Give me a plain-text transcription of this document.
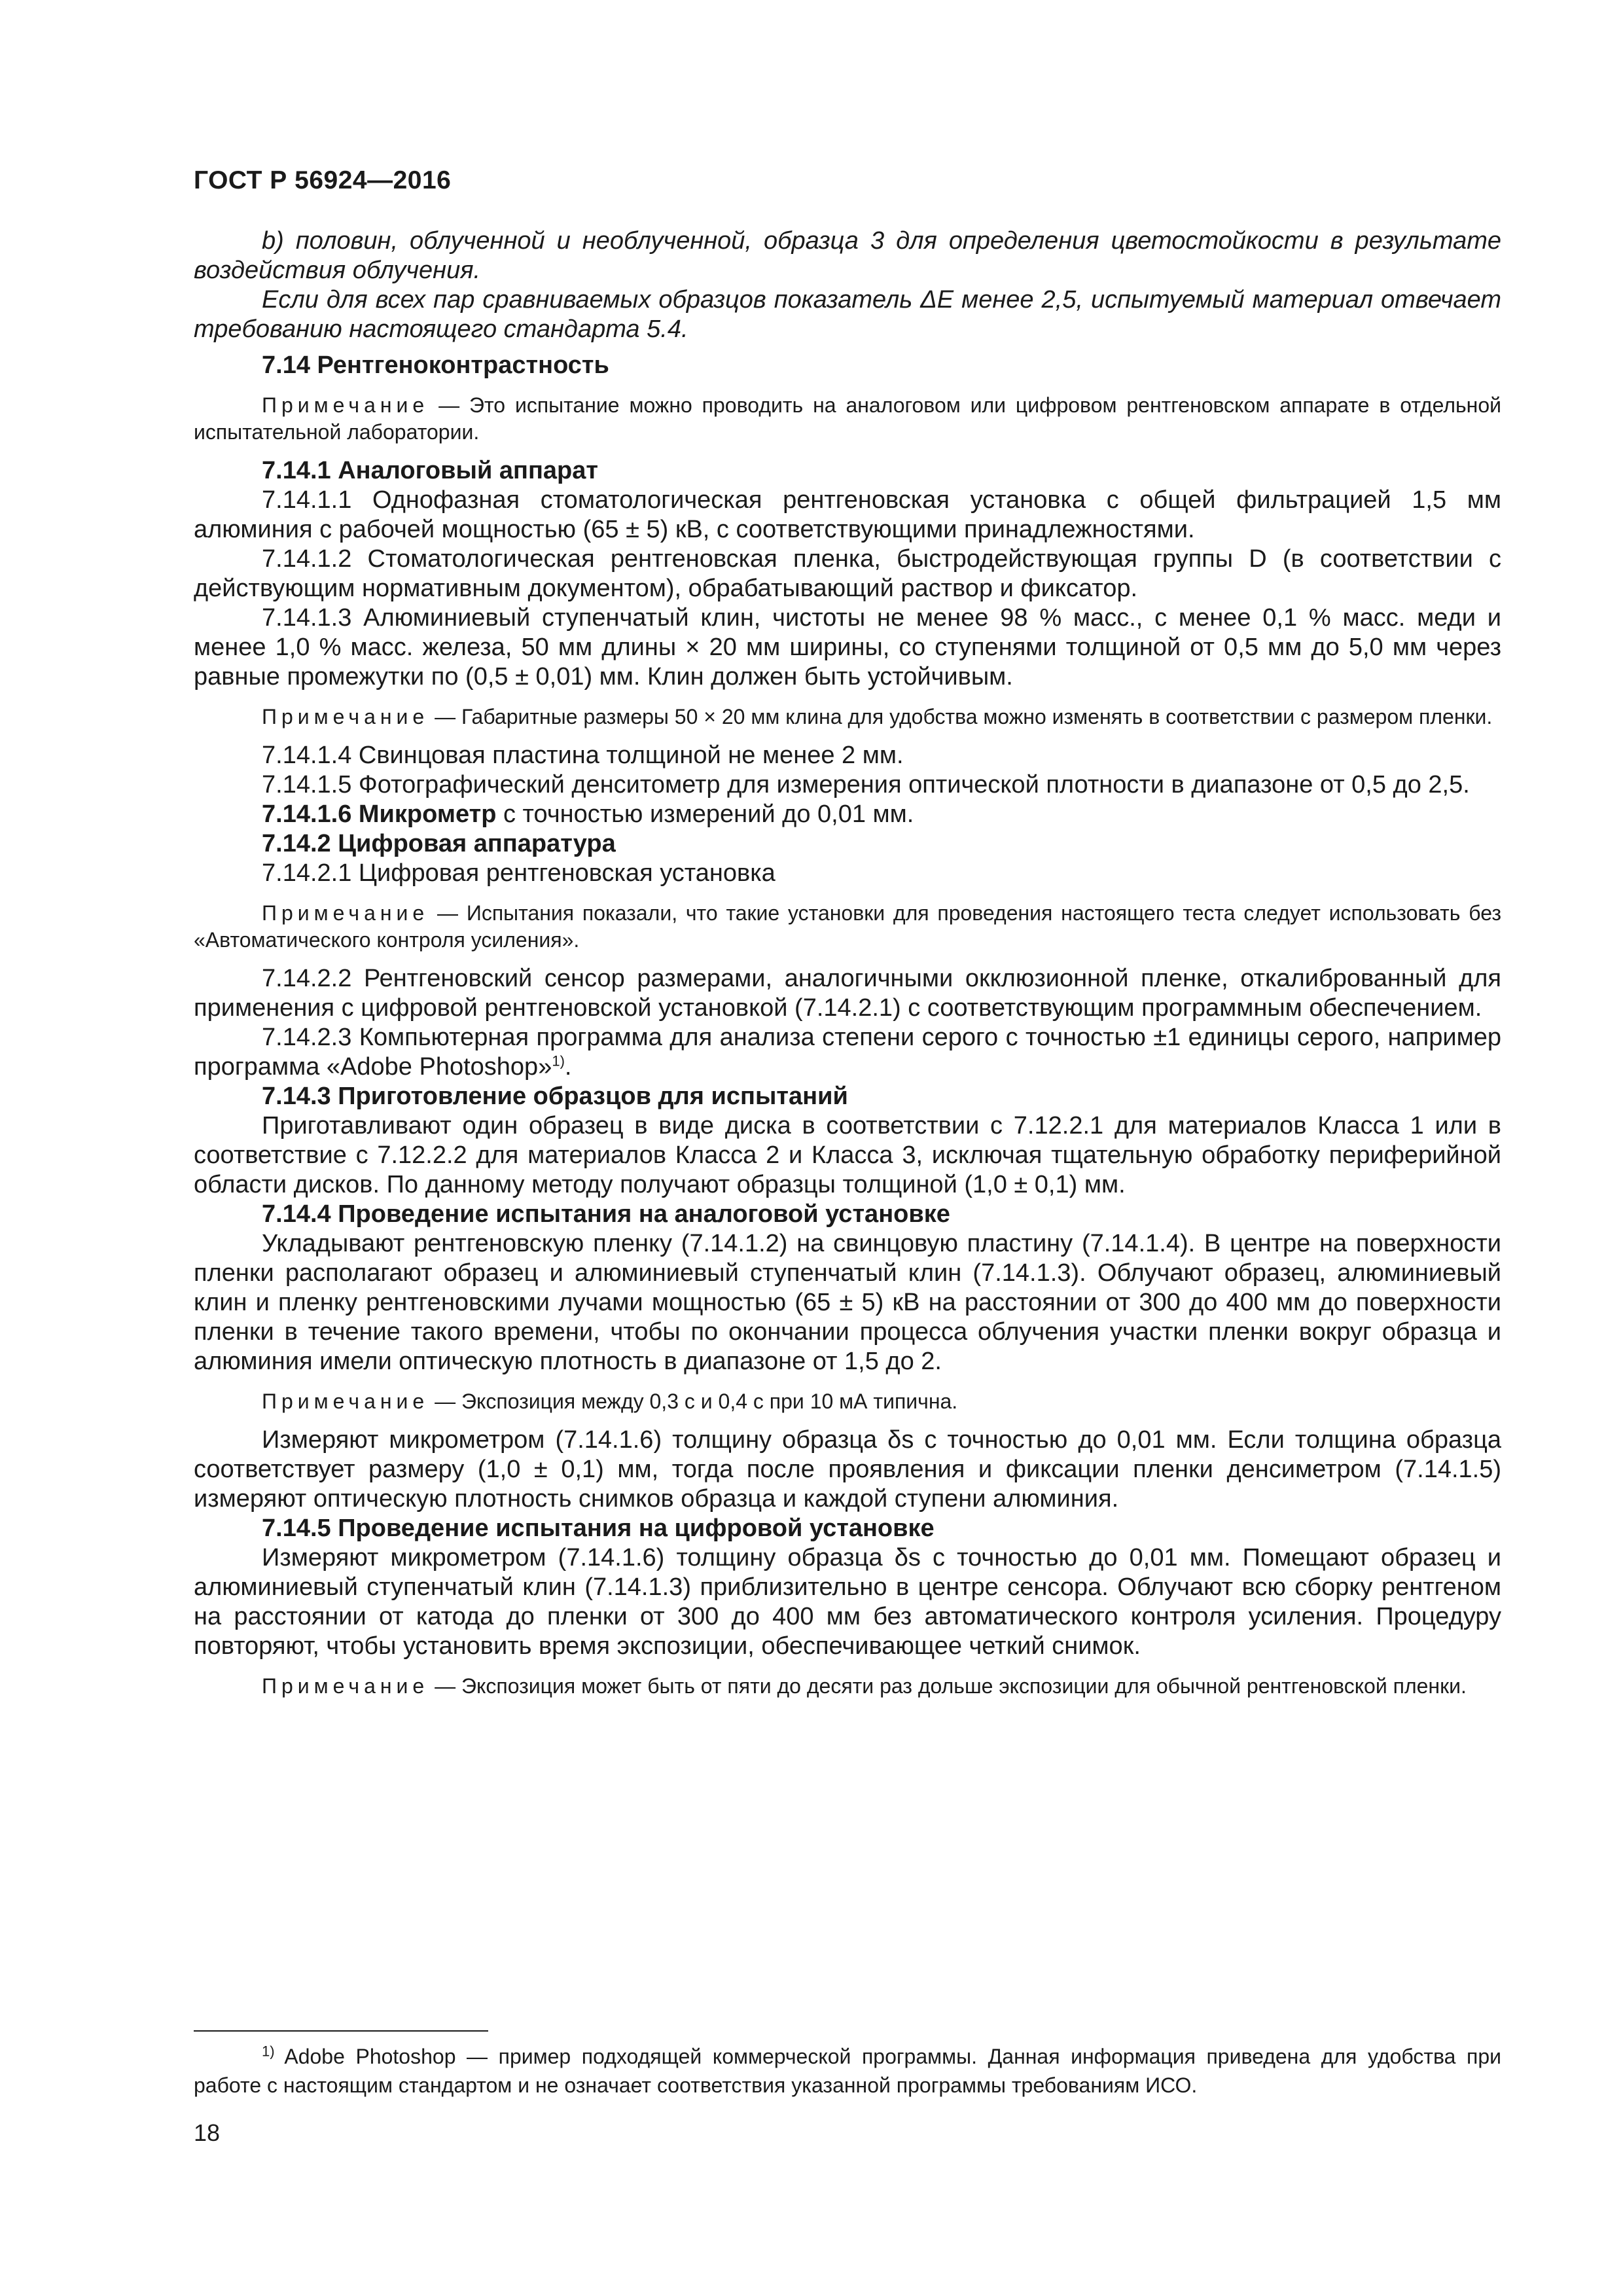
ГОСТ Р 56924—2016

b) половин, облученной и необлученной, образца 3 для определения цветостойкости в результате воздействия облучения.

Если для всех пар сравниваемых образцов показатель ΔE менее 2,5, испытуемый материал отвечает требованию настоящего стандарта 5.4.

7.14 Рентгеноконтрастность

Примечание — Это испытание можно проводить на аналоговом или цифровом рентгеновском аппарате в отдельной испытательной лаборатории.

7.14.1 Аналоговый аппарат

7.14.1.1 Однофазная стоматологическая рентгеновская установка с общей фильтрацией 1,5 мм алюминия с рабочей мощностью (65 ± 5) кВ, с соответствующими принадлежностями.

7.14.1.2 Стоматологическая рентгеновская пленка, быстродействующая группы D (в соответствии с действующим нормативным документом), обрабатывающий раствор и фиксатор.

7.14.1.3 Алюминиевый ступенчатый клин, чистоты не менее 98 % масс., с менее 0,1 % масс. меди и менее 1,0 % масс. железа, 50 мм длины × 20 мм ширины, со ступенями толщиной от 0,5 мм до 5,0 мм через равные промежутки по (0,5 ± 0,01) мм. Клин должен быть устойчивым.

Примечание — Габаритные размеры 50 × 20 мм клина для удобства можно изменять в соответствии с размером пленки.

7.14.1.4 Свинцовая пластина толщиной не менее 2 мм.

7.14.1.5 Фотографический денситометр для измерения оптической плотности в диапазоне от 0,5 до 2,5.

7.14.1.6 Микрометр с точностью измерений до 0,01 мм.

7.14.2 Цифровая аппаратура

7.14.2.1 Цифровая рентгеновская установка

Примечание — Испытания показали, что такие установки для проведения настоящего теста следует использовать без «Автоматического контроля усиления».

7.14.2.2 Рентгеновский сенсор размерами, аналогичными окклюзионной пленке, откалиброванный для применения с цифровой рентгеновской установкой (7.14.2.1) с соответствующим программным обеспечением.

7.14.2.3 Компьютерная программа для анализа степени серого с точностью ±1 единицы серого, например программа «Adobe Photoshop»$^{1)}$.

7.14.3 Приготовление образцов для испытаний

Приготавливают один образец в виде диска в соответствии с 7.12.2.1 для материалов Класса 1 или в соответствие с 7.12.2.2 для материалов Класса 2 и Класса 3, исключая тщательную обработку периферийной области дисков. По данному методу получают образцы толщиной (1,0 ± 0,1) мм.

7.14.4 Проведение испытания на аналоговой установке

Укладывают рентгеновскую пленку (7.14.1.2) на свинцовую пластину (7.14.1.4). В центре на поверхности пленки располагают образец и алюминиевый ступенчатый клин (7.14.1.3). Облучают образец, алюминиевый клин и пленку рентгеновскими лучами мощностью (65 ± 5) кВ на расстоянии от 300 до 400 мм до поверхности пленки в течение такого времени, чтобы по окончании процесса облучения участки пленки вокруг образца и алюминия имели оптическую плотность в диапазоне от 1,5 до 2.

Примечание — Экспозиция между 0,3 с и 0,4 с при 10 мА типична.

Измеряют микрометром (7.14.1.6) толщину образца δs с точностью до 0,01 мм. Если толщина образца соответствует размеру (1,0 ± 0,1) мм, тогда после проявления и фиксации пленки денсиметром (7.14.1.5) измеряют оптическую плотность снимков образца и каждой ступени алюминия.

7.14.5 Проведение испытания на цифровой установке

Измеряют микрометром (7.14.1.6) толщину образца δs с точностью до 0,01 мм. Помещают образец и алюминиевый ступенчатый клин (7.14.1.3) приблизительно в центре сенсора. Облучают всю сборку рентгеном на расстоянии от катода до пленки от 300 до 400 мм без автоматического контроля усиления. Процедуру повторяют, чтобы установить время экспозиции, обеспечивающее четкий снимок.

Примечание — Экспозиция может быть от пяти до десяти раз дольше экспозиции для обычной рентгеновской пленки.

$^{1)}$ Adobe Photoshop — пример подходящей коммерческой программы. Данная информация приведена для удобства при работе с настоящим стандартом и не означает соответствия указанной программы требованиям ИСО.
18
